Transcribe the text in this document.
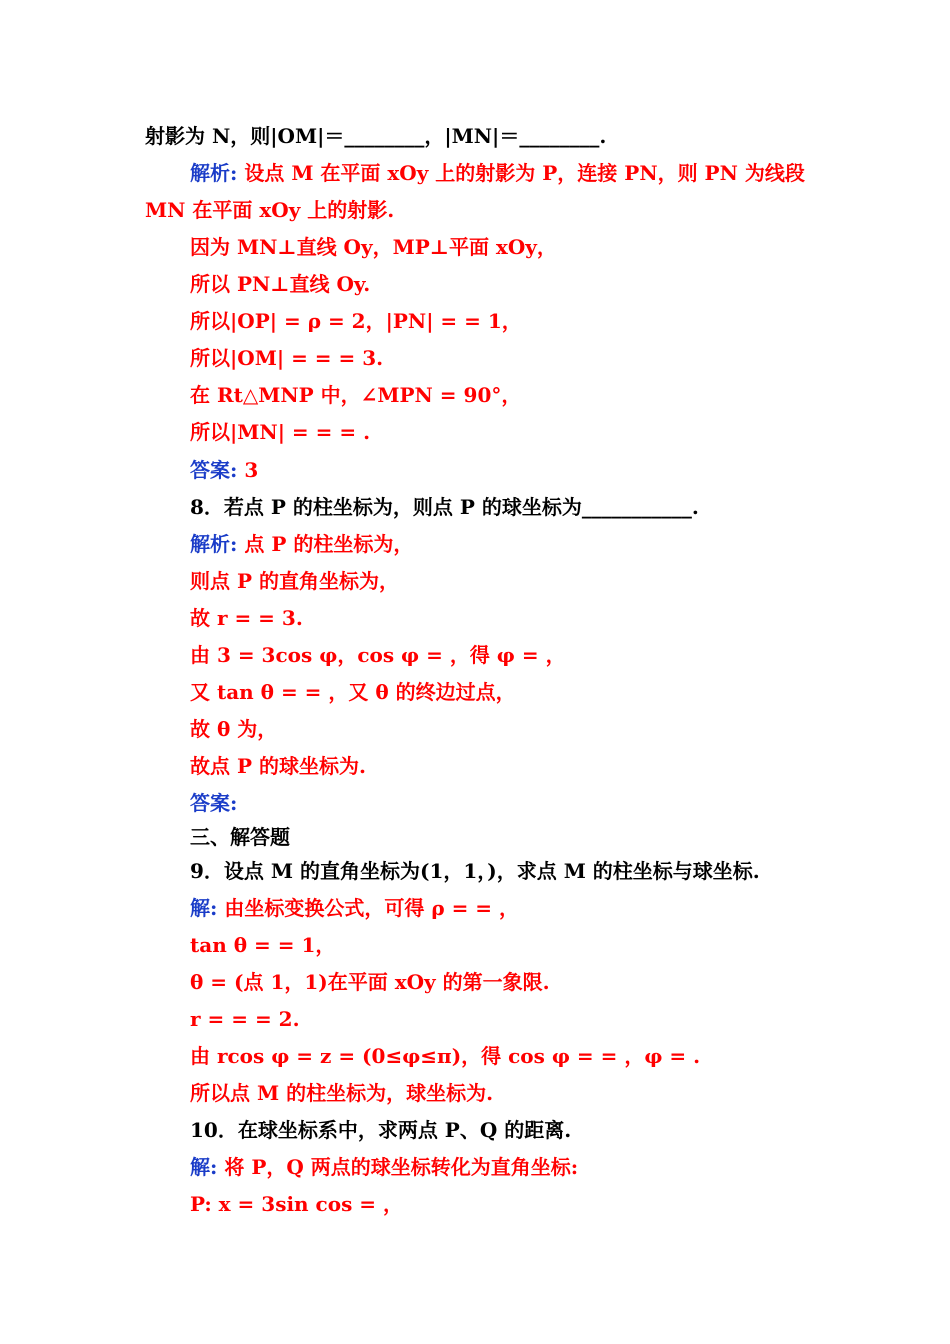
射影为 N，则|OM|＝________，|MN|＝________.
解析: 设点 M 在平面 xOy 上的射影为 P，连接 PN，则 PN 为线段
MN 在平面 xOy 上的射影.
因为 MN⊥直线 Oy，MP⊥平面 xOy，
所以 PN⊥直线 Oy.
所以|OP| = ρ = 2，|PN| = = 1，
所以|OM| = = = 3.
在 Rt△MNP 中，∠MPN = 90°，
所以|MN| = = = .
答案: 3
8．若点 P 的柱坐标为，则点 P 的球坐标为___________.
解析: 点 P 的柱坐标为，
则点 P 的直角坐标为，
故 r = = 3.
由 3 = 3cos φ，cos φ = ，得 φ = ，
又 tan θ = = ，又 θ 的终边过点，
故 θ 为，
故点 P 的球坐标为.
答案:
三、解答题
9．设点 M 的直角坐标为(1，1，)，求点 M 的柱坐标与球坐标.
解: 由坐标变换公式，可得 ρ = = ，
tan θ = = 1，
θ = (点 1，1)在平面 xOy 的第一象限.
r = = = 2.
由 rcos φ = z = (0≤φ≤π)，得 cos φ = = ，φ = .
所以点 M 的柱坐标为，球坐标为.
10．在球坐标系中，求两点 P、Q 的距离.
解: 将 P，Q 两点的球坐标转化为直角坐标:
P: x = 3sin cos = ，
